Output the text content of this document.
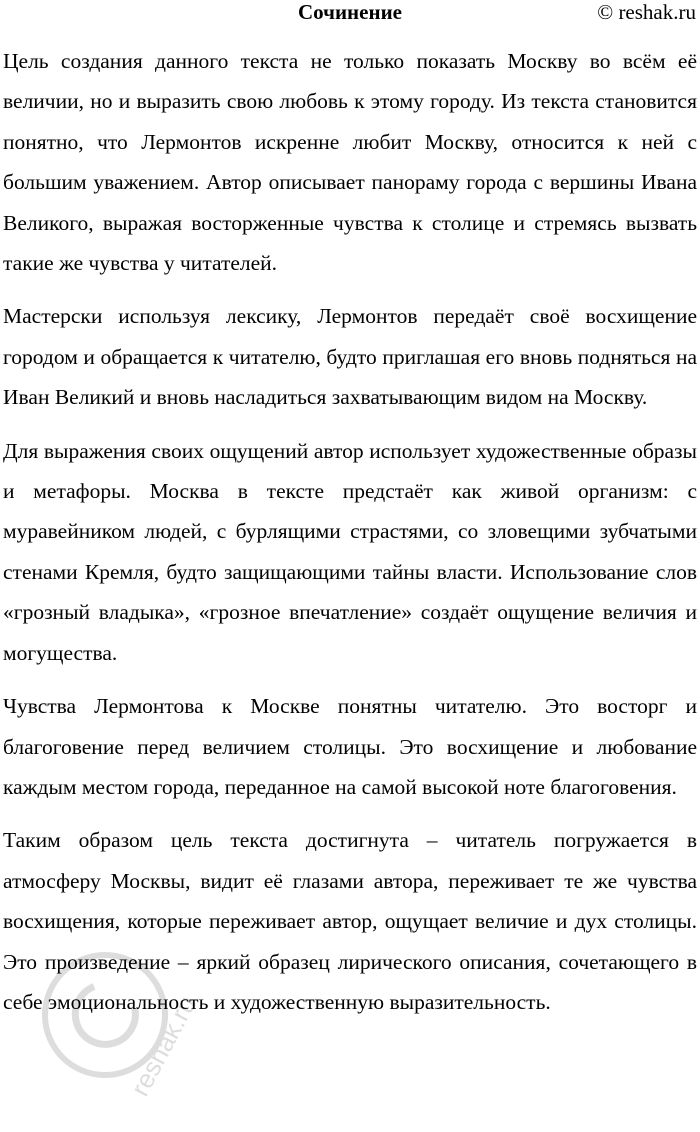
Сочинение	© reshak.ru

Цель создания данного текста не только показать Москву во всём её величии, но и выразить свою любовь к этому городу. Из текста становится понятно, что Лермонтов искренне любит Москву, относится к ней с большим уважением. Автор описывает панораму города с вершины Ивана Великого, выражая восторженные чувства к столице и стремясь вызвать такие же чувства у читателей.

Мастерски используя лексику, Лермонтов передаёт своё восхищение городом и обращается к читателю, будто приглашая его вновь подняться на Иван Великий и вновь насладиться захватывающим видом на Москву.

Для выражения своих ощущений автор использует художественные образы и метафоры. Москва в тексте предстаёт как живой организм: с муравейником людей, с бурлящими страстями, со зловещими зубчатыми стенами Кремля, будто защищающими тайны власти. Использование слов «грозный владыка», «грозное впечатление» создаёт ощущение величия и могущества.

Чувства Лермонтова к Москве понятны читателю. Это восторг и благоговение перед величием столицы. Это восхищение и любование каждым местом города, переданное на самой высокой ноте благоговения.

Таким образом цель текста достигнута – читатель погружается в атмосферу Москвы, видит её глазами автора, переживает те же чувства восхищения, которые переживает автор, ощущает величие и дух столицы. Это произведение – яркий образец лирического описания, сочетающего в себе эмоциональность и художественную выразительность.

reshak.ru
